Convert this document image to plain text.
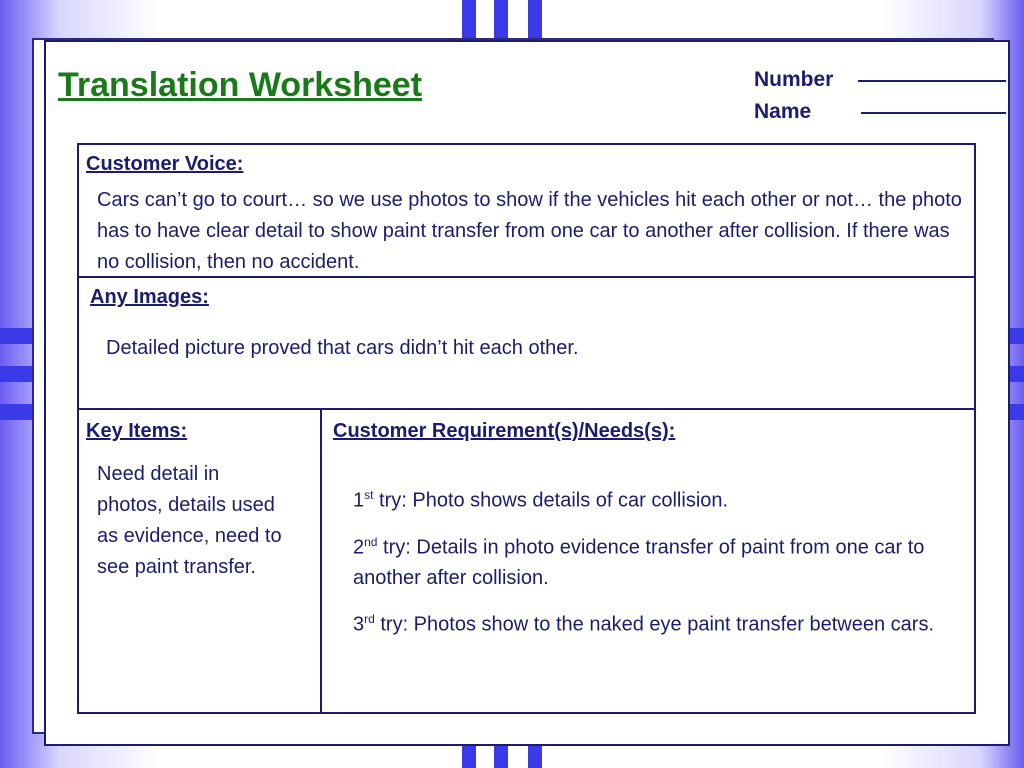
Translation Worksheet	Number
Name
Customer Voice:
Cars can’t go to court… so we use photos to show if the vehicles hit each other or not… the photo has to have clear detail to show paint transfer from one car to another after collision. If there was no collision, then no accident.
Any Images:
Detailed picture proved that cars didn’t hit each other.
Key Items:
Need detail in photos, details used as evidence, need to see paint transfer.
Customer Requirement(s)/Needs(s):

1st try: Photo shows details of car collision.

2nd try: Details in photo evidence transfer of paint from one car to another after collision.

3rd try: Photos show to the naked eye paint transfer between cars.
